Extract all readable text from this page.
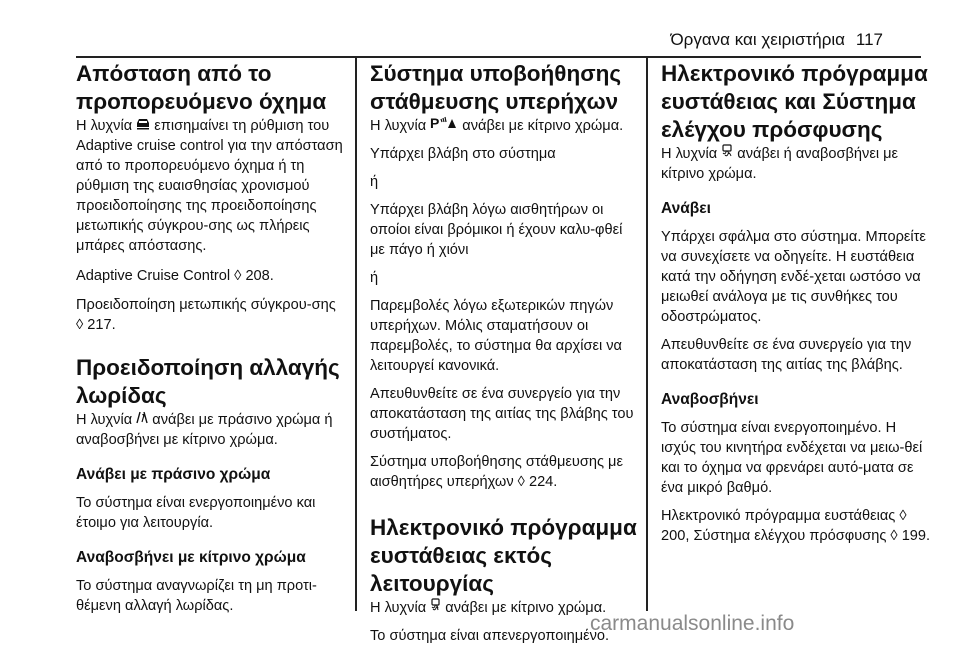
Όργανα και χειριστήρια 117
Απόσταση από το προπορευόμενο όχημα

Η λυχνία επισημαίνει τη ρύθμιση του Adaptive cruise control για την απόσταση από το προπορευόμενο όχημα ή τη ρύθμιση της ευαισθησίας χρονισμού προειδοποίησης της προειδοποίησης μετωπικής σύγκρου-σης ως πλήρεις μπάρες απόστασης.

Adaptive Cruise Control ◊ 208.

Προειδοποίηση μετωπικής σύγκρου-σης ◊ 217.

Προειδοποίηση αλλαγής λωρίδας

Η λυχνία ανάβει με πράσινο χρώμα ή αναβοσβήνει με κίτρινο χρώμα.

Ανάβει με πράσινο χρώμα

Το σύστημα είναι ενεργοποιημένο και έτοιμο για λειτουργία.

Αναβοσβήνει με κίτρινο χρώμα

Το σύστημα αναγνωρίζει τη μη προτι-θέμενη αλλαγή λωρίδας.

Σύστημα υποβοήθησης στάθμευσης υπερήχων

Η λυχνία P ανάβει με κίτρινο χρώμα.

Υπάρχει βλάβη στο σύστημα

ή

Υπάρχει βλάβη λόγω αισθητήρων οι οποίοι είναι βρόμικοι ή έχουν καλυ-φθεί με πάγο ή χιόνι

ή

Παρεμβολές λόγω εξωτερικών πηγών υπερήχων. Μόλις σταματήσουν οι παρεμβολές, το σύστημα θα αρχίσει να λειτουργεί κανονικά.

Απευθυνθείτε σε ένα συνεργείο για την αποκατάσταση της αιτίας της βλάβης του συστήματος.

Σύστημα υποβοήθησης στάθμευσης με αισθητήρες υπερήχων ◊ 224.

Ηλεκτρονικό πρόγραμμα ευστάθειας εκτός λειτουργίας

Η λυχνία ανάβει με κίτρινο χρώμα.

Το σύστημα είναι απενεργοποιημένο.

Ηλεκτρονικό πρόγραμμα ευστάθειας και Σύστημα ελέγχου πρόσφυσης

Η λυχνία ανάβει ή αναβοσβήνει με κίτρινο χρώμα.

Ανάβει

Υπάρχει σφάλμα στο σύστημα. Μπορείτε να συνεχίσετε να οδηγείτε. Η ευστάθεια κατά την οδήγηση ενδέ-χεται ωστόσο να μειωθεί ανάλογα με τις συνθήκες του οδοστρώματος.

Απευθυνθείτε σε ένα συνεργείο για την αποκατάσταση της αιτίας της βλάβης.

Αναβοσβήνει

Το σύστημα είναι ενεργοποιημένο. Η ισχύς του κινητήρα ενδέχεται να μειω-θεί και το όχημα να φρενάρει αυτό-ματα σε ένα μικρό βαθμό.

Ηλεκτρονικό πρόγραμμα ευστάθειας ◊ 200, Σύστημα ελέγχου πρόσφυσης ◊ 199.

carmanualsonline.info
